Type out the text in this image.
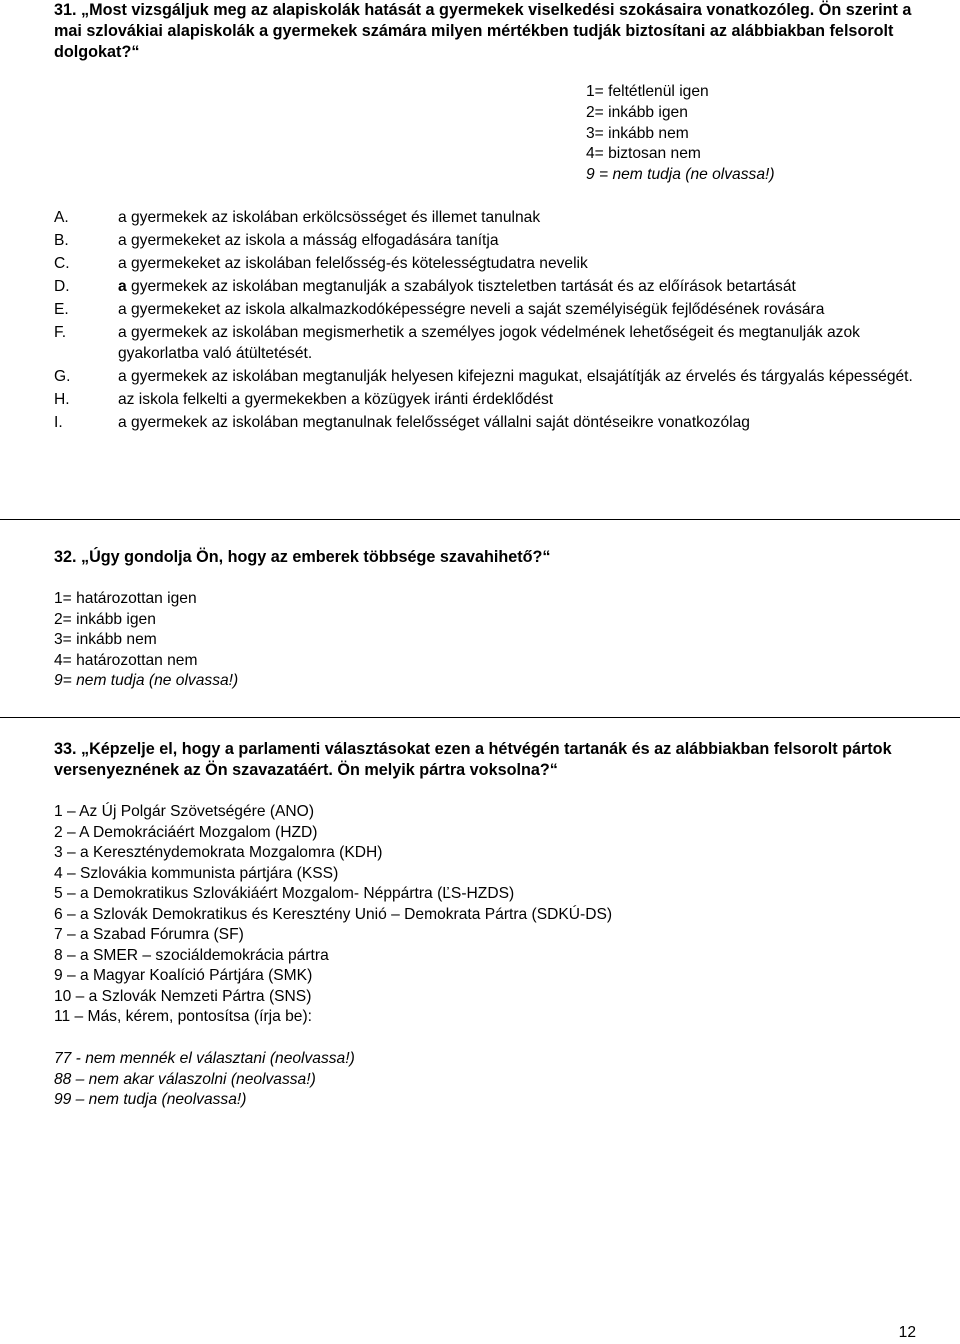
31. „Most vizsgáljuk meg az alapiskolák hatását a gyermekek viselkedési szokásaira vonatkozóleg. Ön szerint a mai szlovákiai alapiskolák a gyermekek számára milyen mértékben tudják biztosítani az alábbiakban felsorolt dolgokat?“
1= feltétlenül igen
2= inkább igen
3= inkább nem
4= biztosan nem
9 = nem tudja (ne olvassa!)
A.	a gyermekek az iskolában erkölcsösséget és illemet tanulnak
B.	a gyermekeket az iskola a másság elfogadására tanítja
C.	a gyermekeket az iskolában felelősség-és kötelességtudatra nevelik
D.	a gyermekek az iskolában megtanulják a szabályok tiszteletben tartását és az előírások betartását
E.	a gyermekeket az iskola alkalmazkodóképességre neveli a saját személyiségük fejlődésének rovására
F.	a gyermekek az iskolában megismerhetik a személyes jogok védelmének lehetőségeit és megtanulják azok gyakorlatba való átültetését.
G.	a gyermekek az iskolában megtanulják helyesen kifejezni magukat, elsajátítják az érvelés és tárgyalás képességét.
H.	az iskola felkelti a gyermekekben a közügyek iránti érdeklődést
I.	a gyermekek az iskolában megtanulnak felelősséget vállalni saját döntéseikre vonatkozólag
32. „Úgy gondolja Ön, hogy az emberek többsége szavahihető?“
1= határozottan igen
2= inkább igen
3= inkább nem
4= határozottan nem
9= nem tudja (ne olvassa!)
33. „Képzelje el, hogy a parlamenti választásokat ezen a hétvégén tartanák és az alábbiakban felsorolt pártok versenyeznének az Ön szavazatáért. Ön melyik pártra voksolna?“
1 – Az Új Polgár Szövetségére (ANO)
2 – A Demokráciáért Mozgalom (HZD)
3 – a Kereszténydemokrata Mozgalomra (KDH)
4 – Szlovákia kommunista pártjára (KSS)
5 – a Demokratikus Szlovákiáért Mozgalom- Néppártra (ĽS-HZDS)
6 – a Szlovák Demokratikus és Keresztény Unió – Demokrata Pártra (SDKÚ-DS)
7 – a Szabad Fórumra (SF)
8 – a SMER – szociáldemokrácia pártra
9 – a Magyar Koalíció Pártjára (SMK)
10 – a Szlovák Nemzeti Pártra (SNS)
11 – Más, kérem, pontosítsa (írja be):
77 - nem mennék el választani (neolvassa!)
88 – nem akar válaszolni (neolvassa!)
99 – nem tudja (neolvassa!)
12
